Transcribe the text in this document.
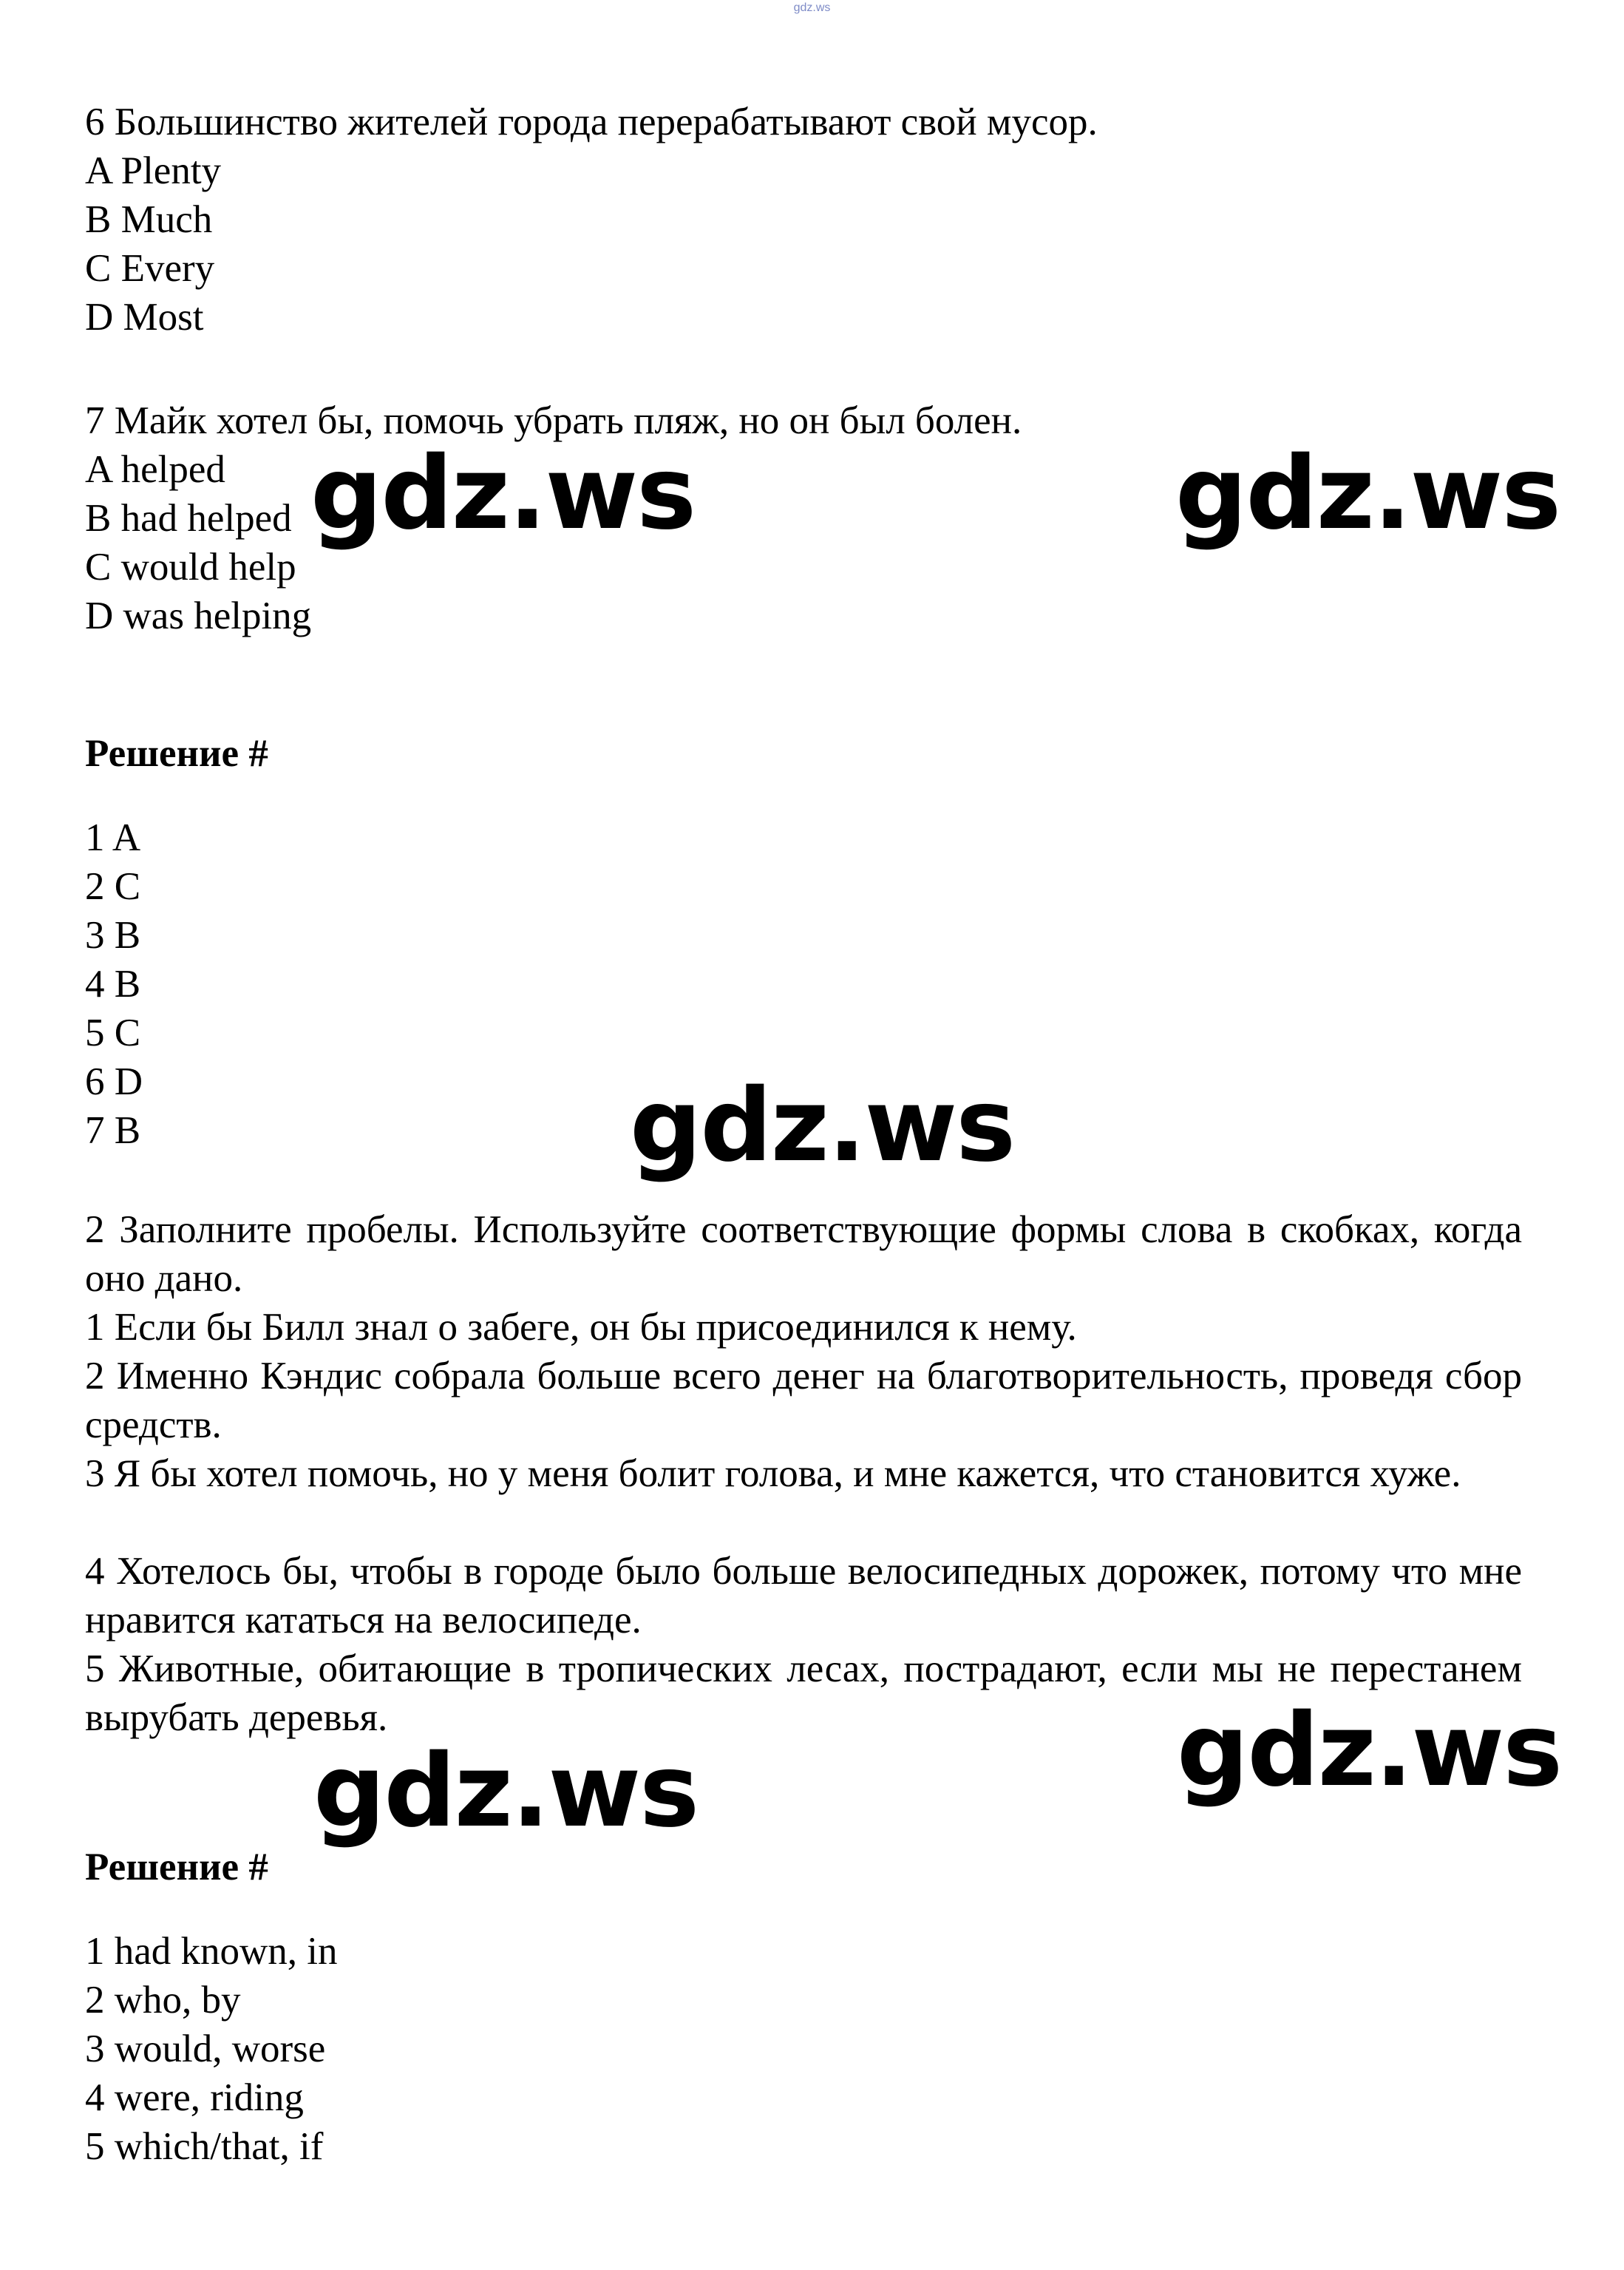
gdz.ws
6 Большинство жителей города перерабатывают свой мусор.
A Plenty
B Much
C Every
D Most
7 Майк хотел бы, помочь убрать пляж, но он был болен.
A helped
B had helped
C would help
D was helping
Решение #
1 A
2 C
3 B
4 B
5 C
6 D
7 B
2 Заполните пробелы. Используйте соответствующие формы слова в скобках, когда оно дано.
1 Если бы Билл знал о забеге, он бы присоединился к нему.
2 Именно Кэндис собрала больше всего денег на благотворительность, проведя сбор средств.
3 Я бы хотел помочь, но у меня болит голова, и мне кажется, что становится хуже.
4 Хотелось бы, чтобы в городе было больше велосипедных дорожек, потому что мне нравится кататься на велосипеде.
5 Животные, обитающие в тропических лесах, пострадают, если мы не перестанем вырубать деревья.
Решение #
1 had known, in
2 who, by
3 would, worse
4 were, riding
5 which/that, if
gdz.ws	gdz.ws
gdz.ws
gdz.ws
gdz.ws
